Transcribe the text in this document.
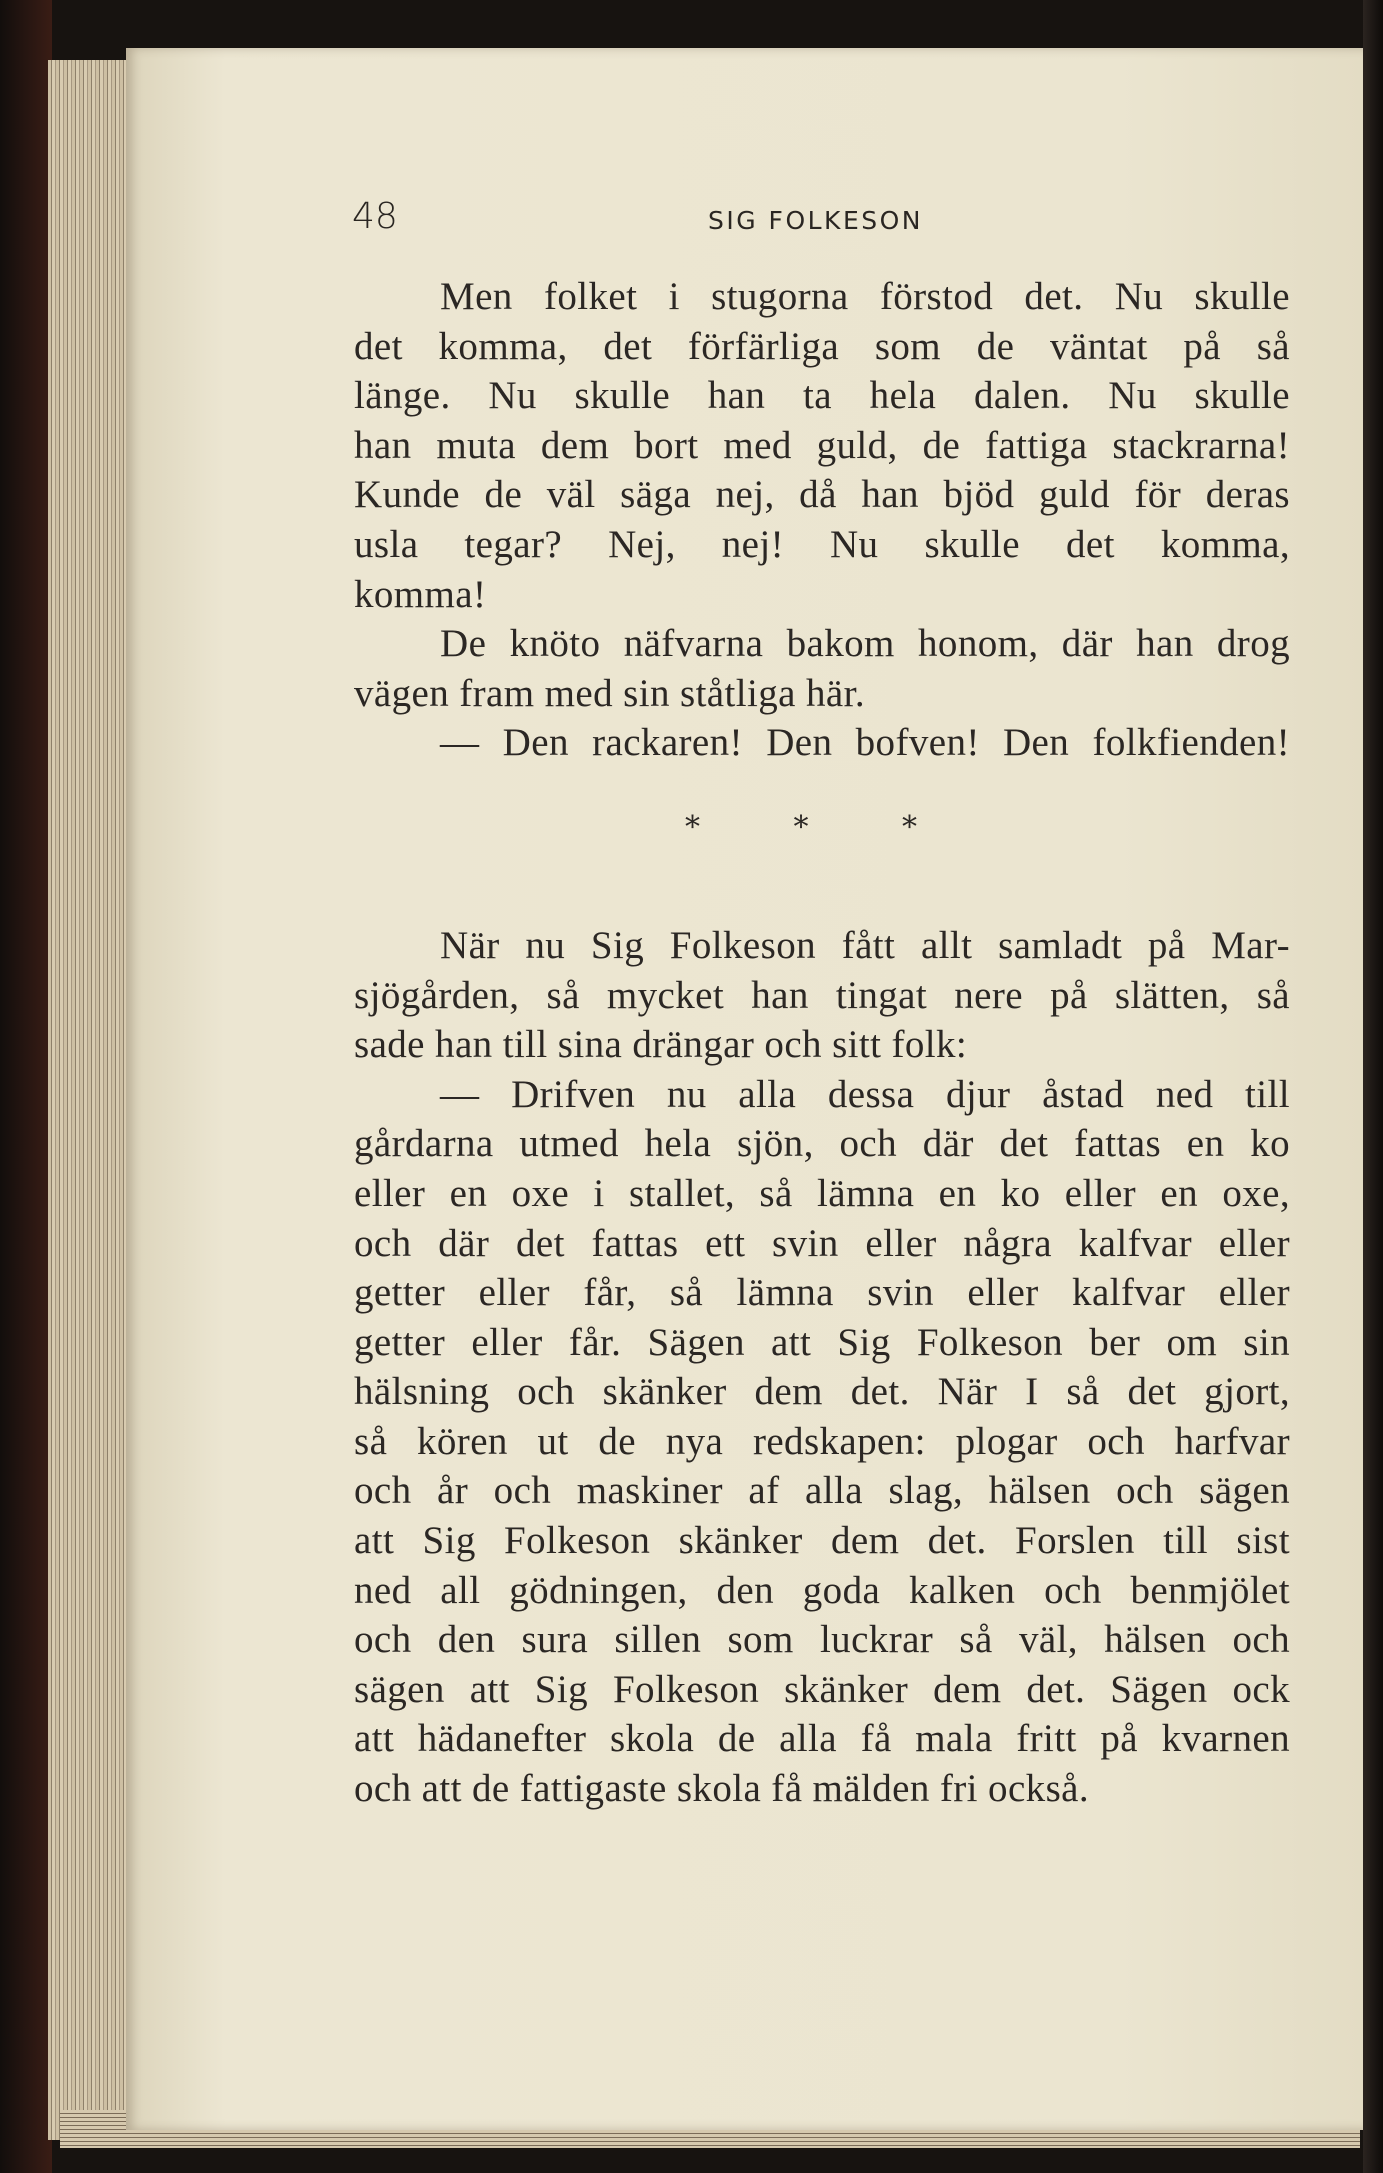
48	SIG FOLKESON

Men folket i stugorna förstod det. Nu skulle

det komma, det förfärliga som de väntat på så

länge. Nu skulle han ta hela dalen. Nu skulle

han muta dem bort med guld, de fattiga stackrarna!

Kunde de väl säga nej, då han bjöd guld för deras

usla tegar? Nej, nej! Nu skulle det komma,

komma!

De knöto näfvarna bakom honom, där han drog

vägen fram med sin ståtliga här.

— Den rackaren! Den bofven! Den folkfienden!

* * *

När nu Sig Folkeson fått allt samladt på Mar-

sjögården, så mycket han tingat nere på slätten, så

sade han till sina drängar och sitt folk:

— Drifven nu alla dessa djur åstad ned till

gårdarna utmed hela sjön, och där det fattas en ko

eller en oxe i stallet, så lämna en ko eller en oxe,

och där det fattas ett svin eller några kalfvar eller

getter eller får, så lämna svin eller kalfvar eller

getter eller får. Sägen att Sig Folkeson ber om sin

hälsning och skänker dem det. När I så det gjort,

så kören ut de nya redskapen: plogar och harfvar

och år och maskiner af alla slag, hälsen och sägen

att Sig Folkeson skänker dem det. Forslen till sist

ned all gödningen, den goda kalken och benmjölet

och den sura sillen som luckrar så väl, hälsen och

sägen att Sig Folkeson skänker dem det. Sägen ock

att hädanefter skola de alla få mala fritt på kvarnen

och att de fattigaste skola få mälden fri också.
